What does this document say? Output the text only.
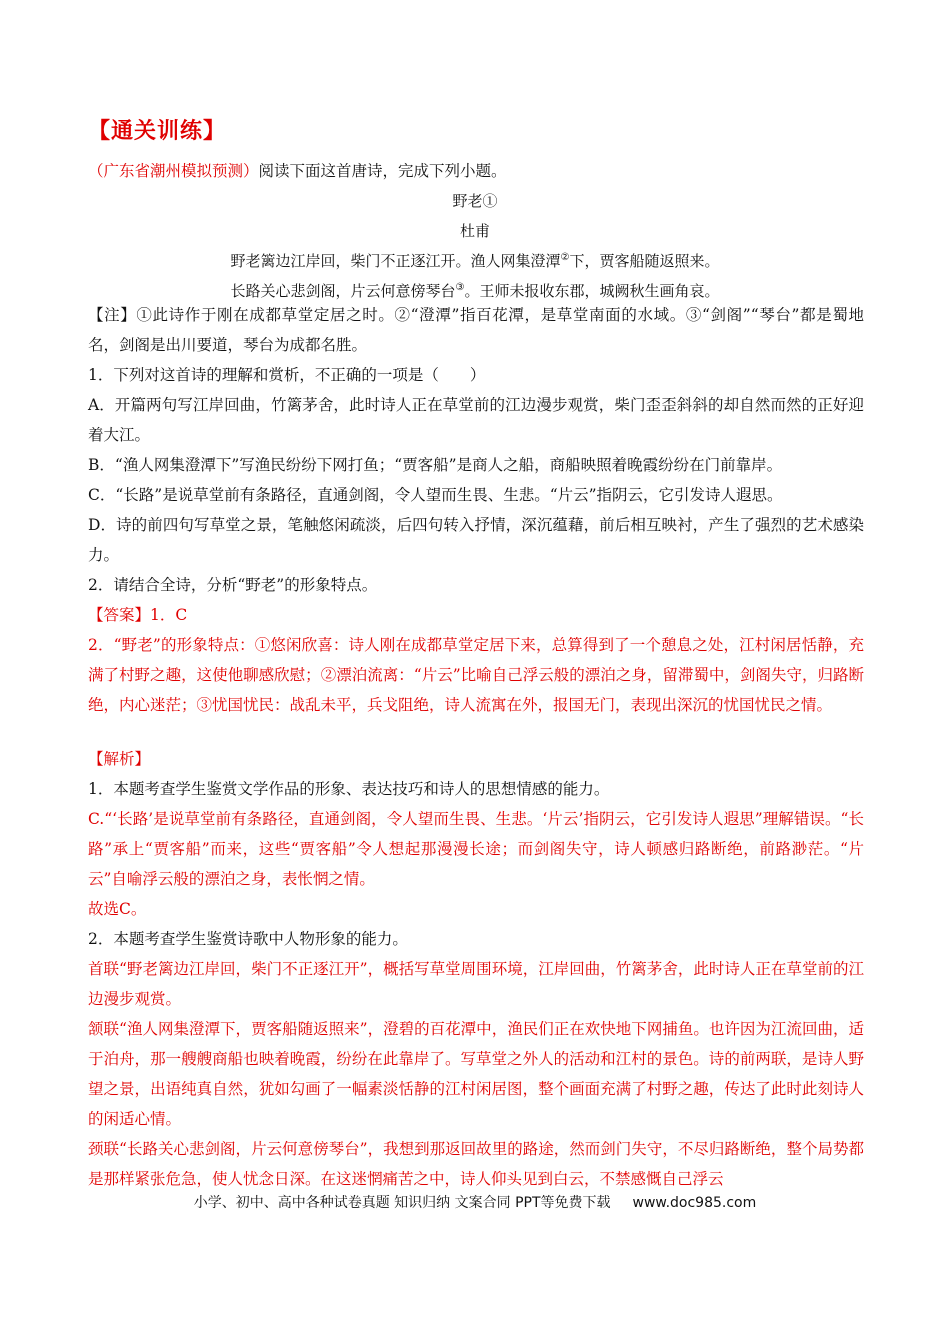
【通关训练】
（广东省潮州模拟预测）阅读下面这首唐诗，完成下列小题。
野老①
杜甫
野老篱边江岸回，柴门不正逐江开。渔人网集澄潭②下，贾客船随返照来。
长路关心悲剑阁，片云何意傍琴台③。王师未报收东郡，城阙秋生画角哀。
【注】①此诗作于刚在成都草堂定居之时。②“澄潭”指百花潭，是草堂南面的水域。③“剑阁”“琴台”都是蜀地名，剑阁是出川要道，琴台为成都名胜。
1．下列对这首诗的理解和赏析，不正确的一项是（　　）
A．开篇两句写江岸回曲，竹篱茅舍，此时诗人正在草堂前的江边漫步观赏，柴门歪歪斜斜的却自然而然的正好迎着大江。
B．“渔人网集澄潭下”写渔民纷纷下网打鱼；“贾客船”是商人之船，商船映照着晚霞纷纷在门前靠岸。
C．“长路”是说草堂前有条路径，直通剑阁，令人望而生畏、生悲。“片云”指阴云，它引发诗人遐思。
D．诗的前四句写草堂之景，笔触悠闲疏淡，后四句转入抒情，深沉蕴藉，前后相互映衬，产生了强烈的艺术感染力。
2．请结合全诗，分析“野老”的形象特点。
【答案】1．C
2．“野老”的形象特点：①悠闲欣喜：诗人刚在成都草堂定居下来，总算得到了一个憩息之处，江村闲居恬静，充满了村野之趣，这使他聊感欣慰；②漂泊流离：“片云”比喻自己浮云般的漂泊之身，留滞蜀中，剑阁失守，归路断绝，内心迷茫；③忧国忧民：战乱未平，兵戈阻绝，诗人流寓在外，报国无门，表现出深沉的忧国忧民之情。
【解析】
1．本题考查学生鉴赏文学作品的形象、表达技巧和诗人的思想情感的能力。
C.“‘长路’是说草堂前有条路径，直通剑阁，令人望而生畏、生悲。‘片云’指阴云，它引发诗人遐思”理解错误。“长路”承上“贾客船”而来，这些“贾客船”令人想起那漫漫长途；而剑阁失守，诗人顿感归路断绝，前路渺茫。“片云”自喻浮云般的漂泊之身，表怅惘之情。
故选C。
2．本题考查学生鉴赏诗歌中人物形象的能力。
首联“野老篱边江岸回，柴门不正逐江开”，概括写草堂周围环境，江岸回曲，竹篱茅舍，此时诗人正在草堂前的江边漫步观赏。
颔联“渔人网集澄潭下，贾客船随返照来”，澄碧的百花潭中，渔民们正在欢快地下网捕鱼。也许因为江流回曲，适于泊舟，那一艘艘商船也映着晚霞，纷纷在此靠岸了。写草堂之外人的活动和江村的景色。诗的前两联，是诗人野望之景，出语纯真自然，犹如勾画了一幅素淡恬静的江村闲居图，整个画面充满了村野之趣，传达了此时此刻诗人的闲适心情。
颈联“长路关心悲剑阁，片云何意傍琴台”，我想到那返回故里的路途，然而剑门失守，不尽归路断绝，整个局势都是那样紧张危急，使人忧念日深。在这迷惘痛苦之中，诗人仰头见到白云，不禁感慨自己浮云
小学、初中、高中各种试卷真题 知识归纳 文案合同 PPT等免费下载 www.doc985.com
